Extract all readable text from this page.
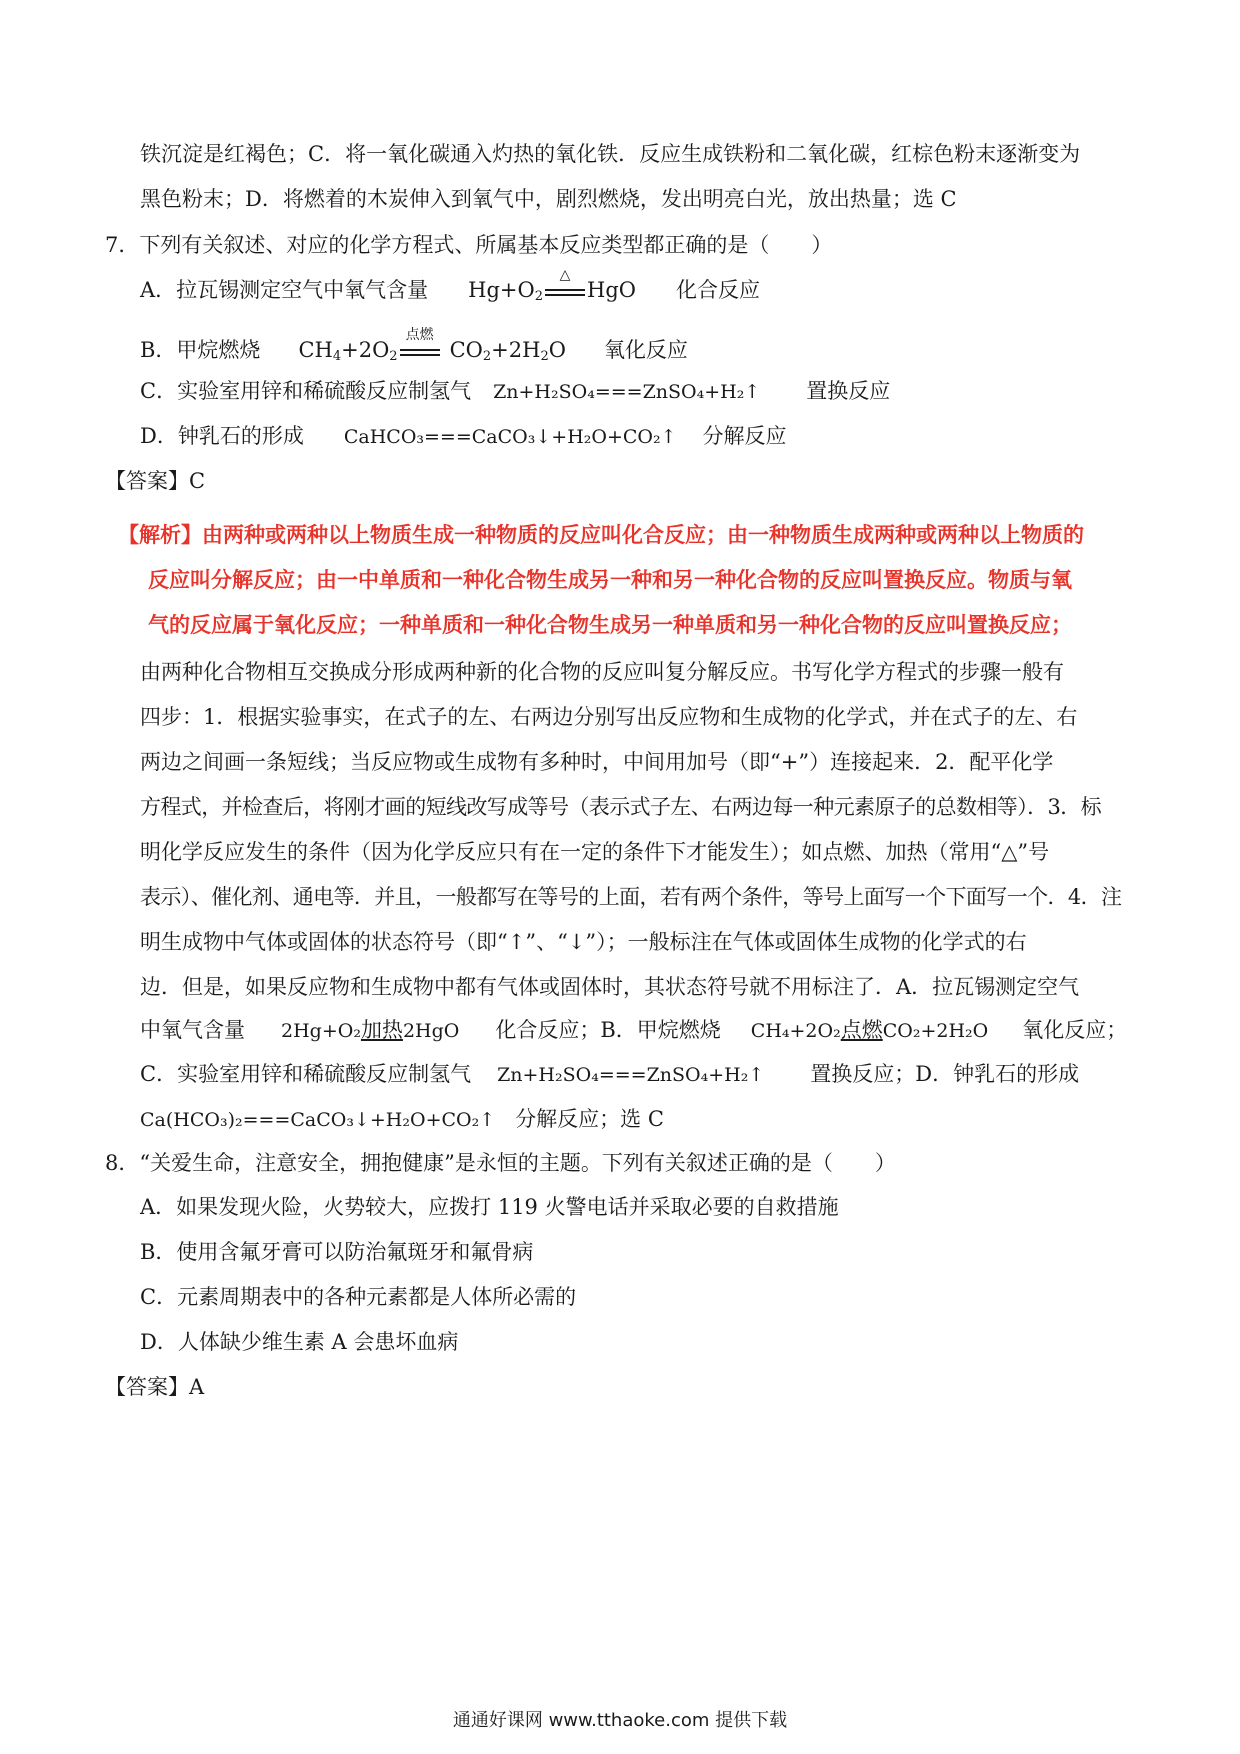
铁沉淀是红褐色；C．将一氧化碳通入灼热的氧化铁．反应生成铁粉和二氧化碳，红棕色粉末逐渐变为
黑色粉末；D．将燃着的木炭伸入到氧气中，剧烈燃烧，发出明亮白光，放出热量；选 C
7．下列有关叙述、对应的化学方程式、所属基本反应类型都正确的是（　　）
A．拉瓦锡测定空气中氧气含量 $Hg+O_2$
△
HgO 化合反应
B．甲烷燃烧 $CH_4+2O_2$
点燃
$CO_2+2H_2O$ 氧化反应
C．实验室用锌和稀硫酸反应制氢气 Zn+H₂SO₄===ZnSO₄+H₂↑ 置换反应
D．钟乳石的形成 CaHCO₃===CaCO₃↓+H₂O+CO₂↑ 分解反应
【答案】C
【解析】由两种或两种以上物质生成一种物质的反应叫化合反应；由一种物质生成两种或两种以上物质的
反应叫分解反应；由一中单质和一种化合物生成另一种和另一种化合物的反应叫置换反应。物质与氧
气的反应属于氧化反应；一种单质和一种化合物生成另一种单质和另一种化合物的反应叫置换反应；
由两种化合物相互交换成分形成两种新的化合物的反应叫复分解反应。书写化学方程式的步骤一般有
四步：1．根据实验事实，在式子的左、右两边分别写出反应物和生成物的化学式，并在式子的左、右
两边之间画一条短线；当反应物或生成物有多种时，中间用加号（即“+”）连接起来．2．配平化学
方程式，并检查后，将刚才画的短线改写成等号（表示式子左、右两边每一种元素原子的总数相等）．3．标
明化学反应发生的条件（因为化学反应只有在一定的条件下才能发生）；如点燃、加热（常用“△”号
表示）、催化剂、通电等．并且，一般都写在等号的上面，若有两个条件，等号上面写一个下面写一个．4．注
明生成物中气体或固体的状态符号（即“↑”、“↓”）；一般标注在气体或固体生成物的化学式的右
边．但是，如果反应物和生成物中都有气体或固体时，其状态符号就不用标注了．A．拉瓦锡测定空气
中氧气含量 2Hg+O₂加热2HgO 化合反应；B．甲烷燃烧 CH₄+2O₂点燃CO₂+2H₂O 氧化反应；
C．实验室用锌和稀硫酸反应制氢气 Zn+H₂SO₄===ZnSO₄+H₂↑ 置换反应；D．钟乳石的形成
Ca(HCO₃)₂===CaCO₃↓+H₂O+CO₂↑ 分解反应；选 C
8．“关爱生命，注意安全，拥抱健康”是永恒的主题。下列有关叙述正确的是（　　）
A．如果发现火险，火势较大，应拨打 119 火警电话并采取必要的自救措施
B．使用含氟牙膏可以防治氟斑牙和氟骨病
C．元素周期表中的各种元素都是人体所必需的
D．人体缺少维生素 A 会患坏血病
【答案】A
通通好课网 www.tthaoke.com 提供下载
